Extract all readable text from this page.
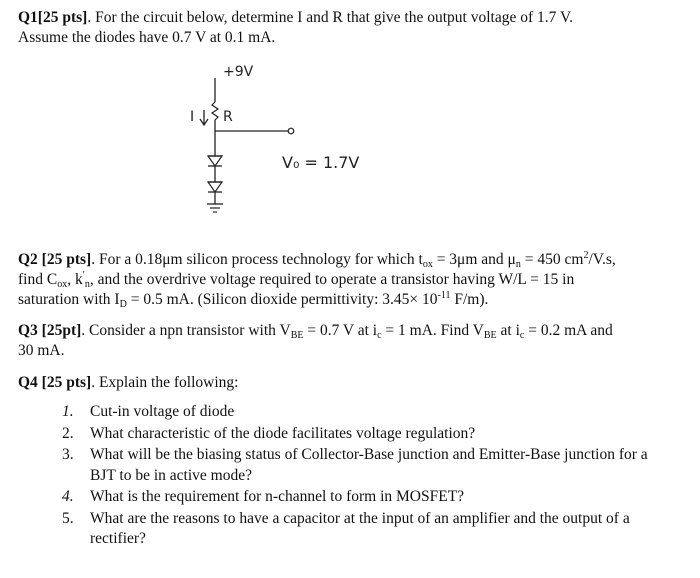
Q1[25 pts]. For the circuit below, determine I and R that give the output voltage of 1.7 V.
Assume the diodes have 0.7 V at 0.1 mA.
+9V
I R
V₀ = 1.7V
Q2 [25 pts]. For a 0.18μm silicon process technology for which $t_{ox} = 3\mu m$ and $\mu_n = 450$ $cm^2/V.s$,
find $C_{ox}$, $k'_n$, and the overdrive voltage required to operate a transistor having W/L = 15 in
saturation with $I_D = 0.5$ mA. (Silicon dioxide permittivity: $3.45\times 10^{-11}$ F/m).
Q3 [25pt]. Consider a npn transistor with $V_{BE} = 0.7$ V at $i_c = 1$ mA. Find $V_{BE}$ at $i_c = 0.2$ mA and
30 mA.
Q4 [25 pts]. Explain the following:
1. Cut-in voltage of diode
2. What characteristic of the diode facilitates voltage regulation?
3. What will be the biasing status of Collector-Base junction and Emitter-Base junction for a BJT to be in active mode?
4. What is the requirement for n-channel to form in MOSFET?
5. What are the reasons to have a capacitor at the input of an amplifier and the output of a rectifier?
